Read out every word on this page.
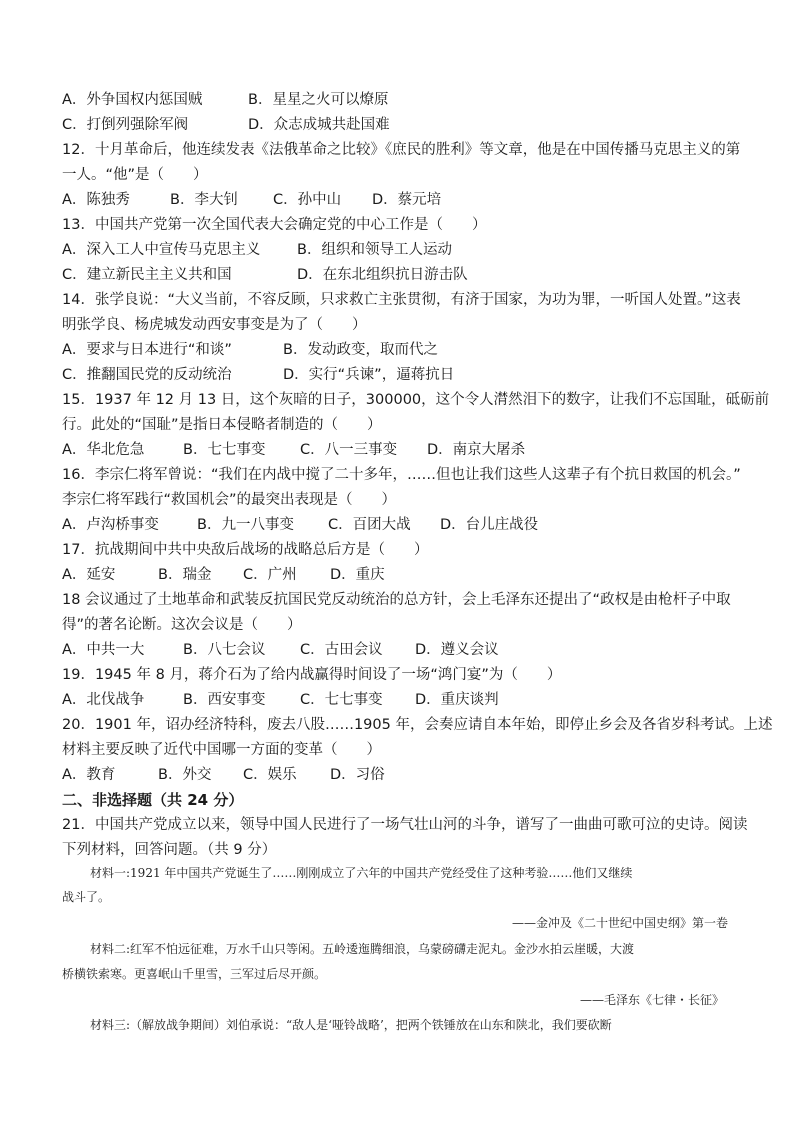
A．外争国权内惩国贼	B．星星之火可以燎原
C．打倒列强除军阀	D．众志成城共赴国难
12．十月革命后，他连续发表《法俄革命之比较》《庶民的胜利》等文章，他是在中国传播马克思主义的第
一人。“他”是（　　）
A．陈独秀	B．李大钊 C．孙中山 D．蔡元培
13．中国共产党第一次全国代表大会确定党的中心工作是（　　）
A．深入工人中宣传马克思主义	B．组织和领导工人运动
C．建立新民主主义共和国	D．在东北组织抗日游击队
14．张学良说：“大义当前，不容反顾，只求救亡主张贯彻，有济于国家，为功为罪，一听国人处置。”这表
明张学良、杨虎城发动西安事变是为了（　　）
A．要求与日本进行“和谈”	B．发动政变，取而代之
C．推翻国民党的反动统治	D．实行“兵谏”，逼蒋抗日
15．1937 年 12 月 13 日，这个灰暗的日子，300000，这个令人潸然泪下的数字，让我们不忘国耻，砥砺前
行。此处的“国耻”是指日本侵略者制造的（　　）
A．华北危急	B．七七事变 C．八一三事变 D．南京大屠杀
16．李宗仁将军曾说：“我们在内战中搅了二十多年，……但也让我们这些人这辈子有个抗日救国的机会。”
李宗仁将军践行“救国机会”的最突出表现是（　　）
A．卢沟桥事变	B．九一八事变 C．百团大战 D．台儿庄战役
17．抗战期间中共中央敌后战场的战略总后方是（　　）
A．延安	B．瑞金 C．广州 D．重庆
18 会议通过了土地革命和武装反抗国民党反动统治的总方针，会上毛泽东还提出了“政权是由枪杆子中取
得”的著名论断。这次会议是（　　）
A．中共一大	B．八七会议 C．古田会议 D．遵义会议
19．1945 年 8 月，蒋介石为了给内战赢得时间设了一场“鸿门宴”为（　　）
A．北伐战争	B．西安事变 C．七七事变 D．重庆谈判
20．1901 年，诏办经济特科，废去八股……1905 年，会奏应请自本年始，即停止乡会及各省岁科考试。上述
材料主要反映了近代中国哪一方面的变革（　　）
A．教育	B．外交 C．娱乐 D．习俗
二、非选择题（共 24 分）
21．中国共产党成立以来，领导中国人民进行了一场气壮山河的斗争，谱写了一曲曲可歌可泣的史诗。阅读
下列材料，回答问题。（共 9 分）
材料一:1921 年中国共产党诞生了……刚刚成立了六年的中国共产党经受住了这种考验……他们又继续
战斗了。
——金冲及《二十世纪中国史纲》第一卷
材料二:红军不怕远征难，万水千山只等闲。五岭逶迤腾细浪，乌蒙磅礴走泥丸。金沙水拍云崖暖，大渡
桥横铁索寒。更喜岷山千里雪，三军过后尽开颜。
——毛泽东《七律・长征》
材料三:（解放战争期间）刘伯承说：“敌人是‘哑铃战略’，把两个铁锤放在山东和陕北，我们要砍断
